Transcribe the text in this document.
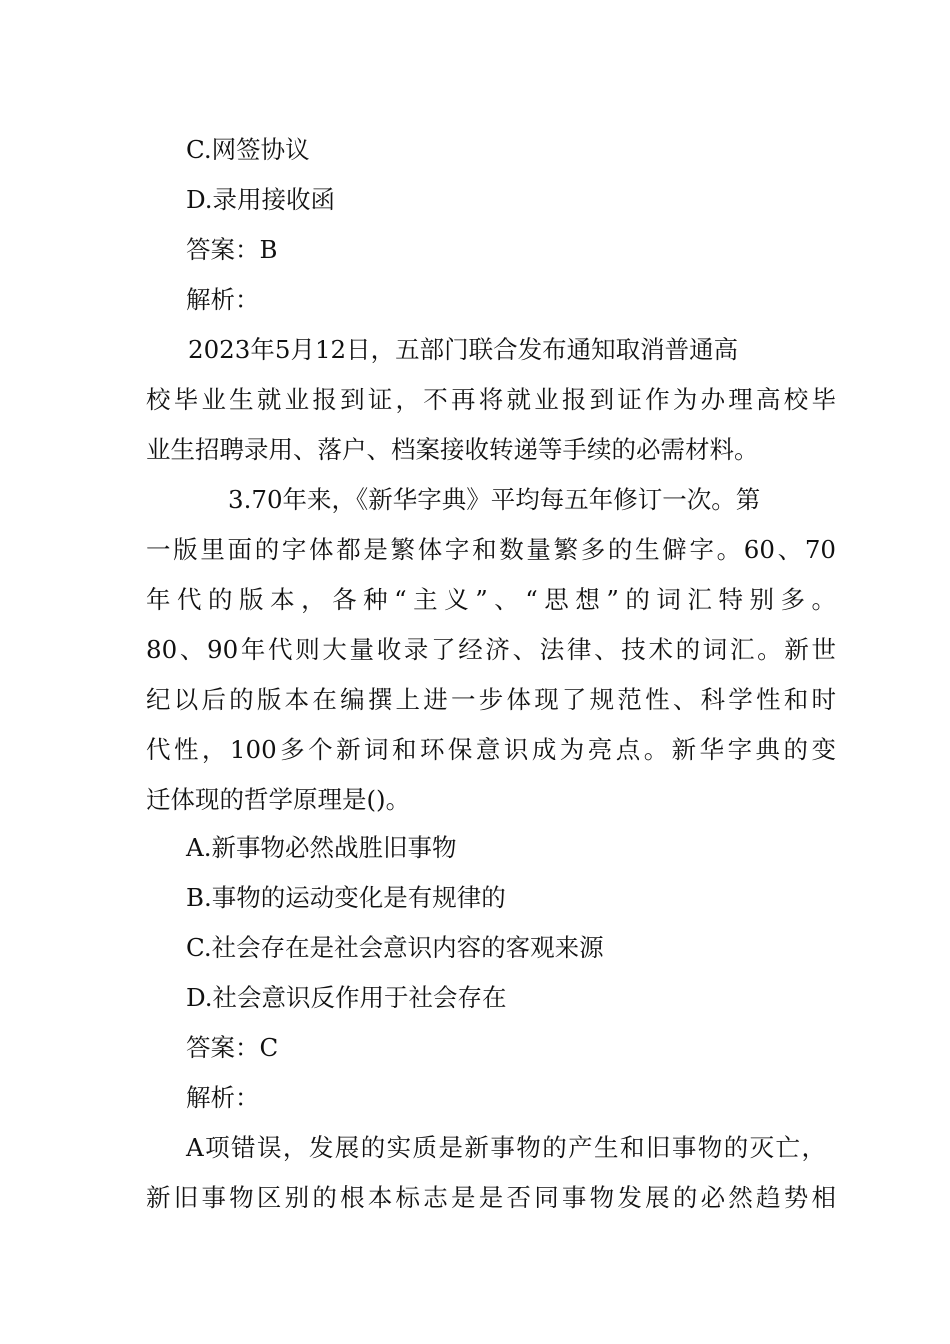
C.网签协议
D.录用接收函
答案：B
解析：
2023年5月12日，五部门联合发布通知取消普通高
校毕业生就业报到证，不再将就业报到证作为办理高校毕
业生招聘录用、落户、档案接收转递等手续的必需材料。
3.70年来，《新华字典》平均每五年修订一次。第
一版里面的字体都是繁体字和数量繁多的生僻字。60、70
年代的版本，各种“主义”、“思想”的词汇特别多。
80、90年代则大量收录了经济、法律、技术的词汇。新世
纪以后的版本在编撰上进一步体现了规范性、科学性和时
代性，100多个新词和环保意识成为亮点。新华字典的变
迁体现的哲学原理是()。
A.新事物必然战胜旧事物
B.事物的运动变化是有规律的
C.社会存在是社会意识内容的客观来源
D.社会意识反作用于社会存在
答案：C
解析：
A项错误，发展的实质是新事物的产生和旧事物的灭亡，
新旧事物区别的根本标志是是否同事物发展的必然趋势相
